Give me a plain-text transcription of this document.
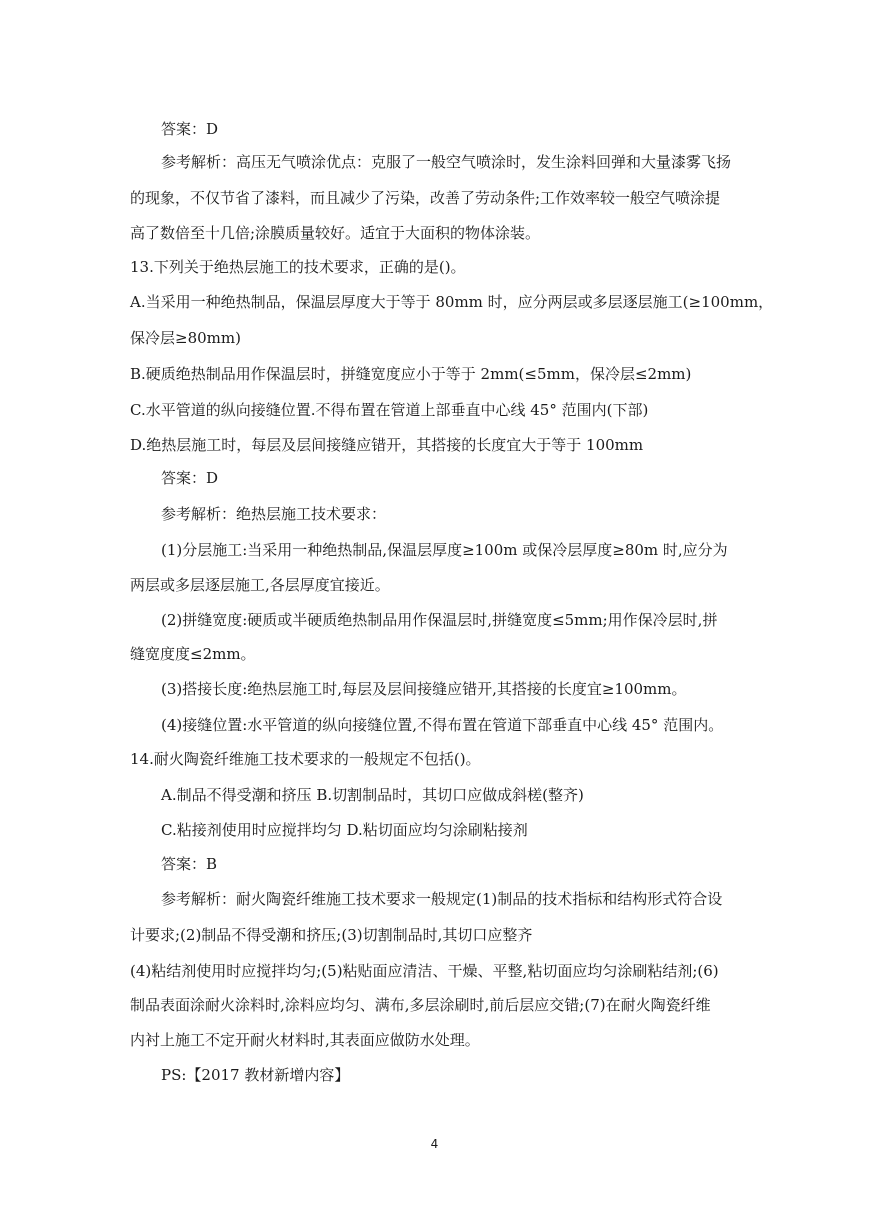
答案：D
参考解析：高压无气喷涂优点：克服了一般空气喷涂时，发生涂料回弹和大量漆雾飞扬
的现象，不仅节省了漆料，而且减少了污染，改善了劳动条件;工作效率较一般空气喷涂提
高了数倍至十几倍;涂膜质量较好。适宜于大面积的物体涂装。
13.下列关于绝热层施工的技术要求，正确的是()。
A.当采用一种绝热制品，保温层厚度大于等于 80mm 时，应分两层或多层逐层施工(≥100mm，
保冷层≥80mm)
B.硬质绝热制品用作保温层时，拼缝宽度应小于等于 2mm(≤5mm，保冷层≤2mm)
C.水平管道的纵向接缝位置.不得布置在管道上部垂直中心线 45° 范围内(下部)
D.绝热层施工时，每层及层间接缝应错开，其搭接的长度宜大于等于 100mm
答案：D
参考解析：绝热层施工技术要求：
(1)分层施工:当采用一种绝热制品,保温层厚度≥100m 或保冷层厚度≥80m 时,应分为
两层或多层逐层施工,各层厚度宜接近。
(2)拼缝宽度:硬质或半硬质绝热制品用作保温层时,拼缝宽度≤5mm;用作保冷层时,拼
缝宽度度≤2mm。
(3)搭接长度:绝热层施工时,每层及层间接缝应错开,其搭接的长度宜≥100mm。
(4)接缝位置:水平管道的纵向接缝位置,不得布置在管道下部垂直中心线 45° 范围内。
14.耐火陶瓷纤维施工技术要求的一般规定不包括()。
A.制品不得受潮和挤压 B.切割制品时，其切口应做成斜槎(整齐)
C.粘接剂使用时应搅拌均匀 D.粘切面应均匀涂刷粘接剂
答案：B
参考解析：耐火陶瓷纤维施工技术要求一般规定(1)制品的技术指标和结构形式符合设
计要求;(2)制品不得受潮和挤压;(3)切割制品时,其切口应整齐
(4)粘结剂使用时应搅拌均匀;(5)粘贴面应清洁、干燥、平整,粘切面应均匀涂刷粘结剂;(6)
制品表面涂耐火涂料时,涂料应均匀、满布,多层涂刷时,前后层应交错;(7)在耐火陶瓷纤维
内衬上施工不定开耐火材料时,其表面应做防水处理。
PS:【2017 教材新增内容】
4
